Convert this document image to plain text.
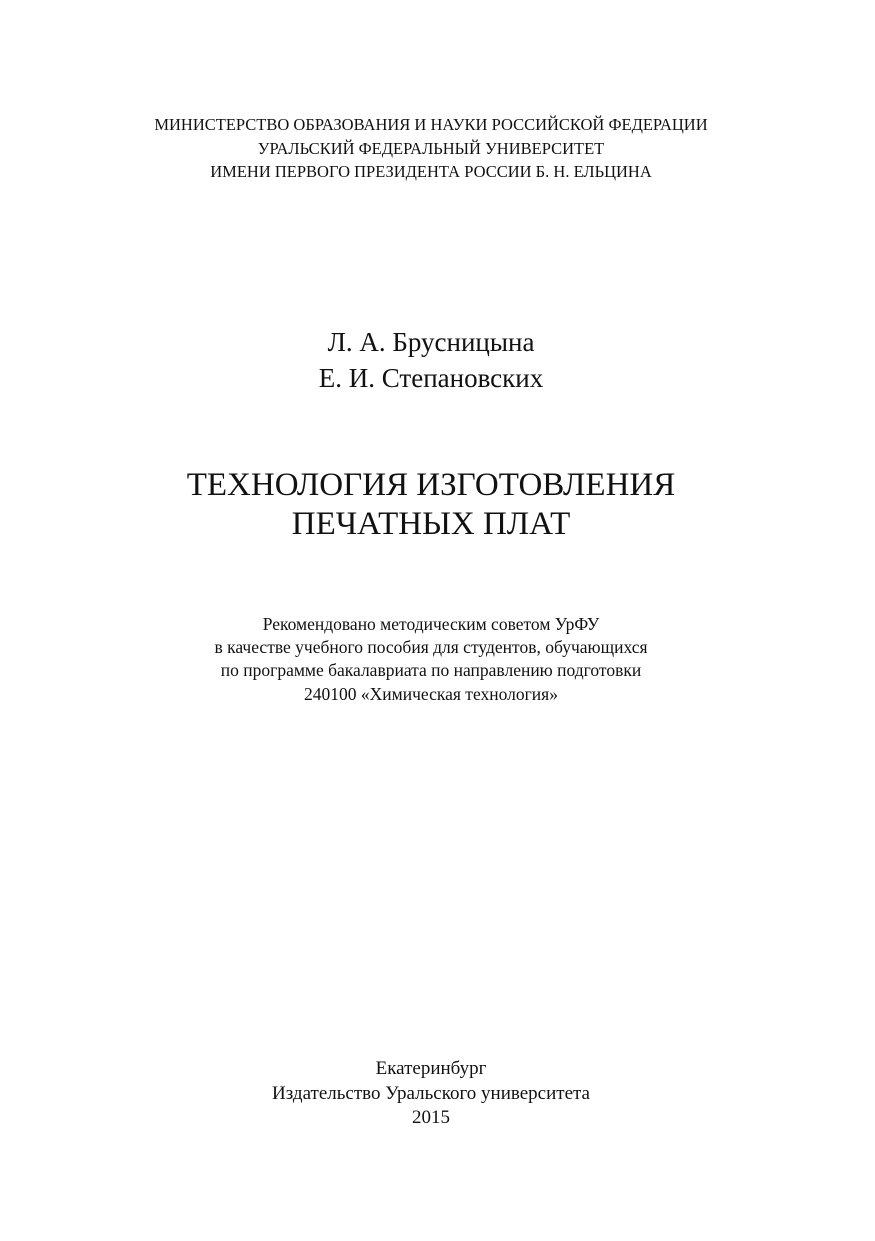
МИНИСТЕРСТВО ОБРАЗОВАНИЯ И НАУКИ РОССИЙСКОЙ ФЕДЕРАЦИИ
УРАЛЬСКИЙ ФЕДЕРАЛЬНЫЙ УНИВЕРСИТЕТ
ИМЕНИ ПЕРВОГО ПРЕЗИДЕНТА РОССИИ Б. Н. ЕЛЬЦИНА
Л. А. Брусницына
Е. И. Степановских
ТЕХНОЛОГИЯ ИЗГОТОВЛЕНИЯ
ПЕЧАТНЫХ ПЛАТ
Рекомендовано методическим советом УрФУ
в качестве учебного пособия для студентов, обучающихся
по программе бакалавриата по направлению подготовки
240100 «Химическая технология»
Екатеринбург
Издательство Уральского университета
2015
